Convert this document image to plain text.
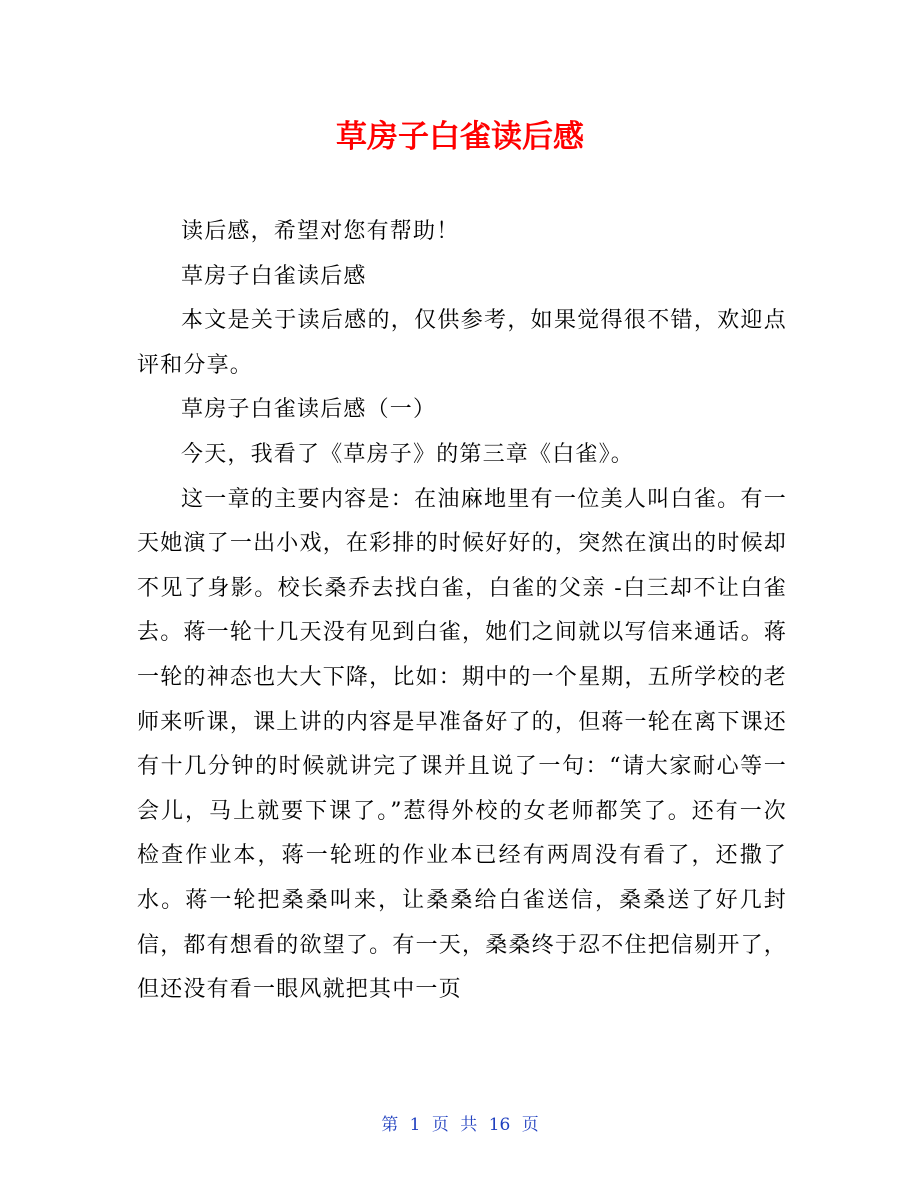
草房子白雀读后感

读后感，希望对您有帮助！

草房子白雀读后感

本文是关于读后感的，仅供参考，如果觉得很不错，欢迎点评和分享。

草房子白雀读后感（一）

今天，我看了《草房子》的第三章《白雀》。

这一章的主要内容是：在油麻地里有一位美人叫白雀。有一天她演了一出小戏，在彩排的时候好好的，突然在演出的时候却不见了身影。校长桑乔去找白雀，白雀的父亲 -白三却不让白雀去。蒋一轮十几天没有见到白雀，她们之间就以写信来通话。蒋一轮的神态也大大下降，比如：期中的一个星期，五所学校的老师来听课，课上讲的内容是早准备好了的，但蒋一轮在离下课还有十几分钟的时候就讲完了课并且说了一句：“请大家耐心等一会儿，马上就要下课了。”惹得外校的女老师都笑了。还有一次检查作业本，蒋一轮班的作业本已经有两周没有看了，还撒了水。蒋一轮把桑桑叫来，让桑桑给白雀送信，桑桑送了好几封信，都有想看的欲望了。有一天，桑桑终于忍不住把信剔开了，但还没有看一眼风就把其中一页

第 1 页 共 16 页
